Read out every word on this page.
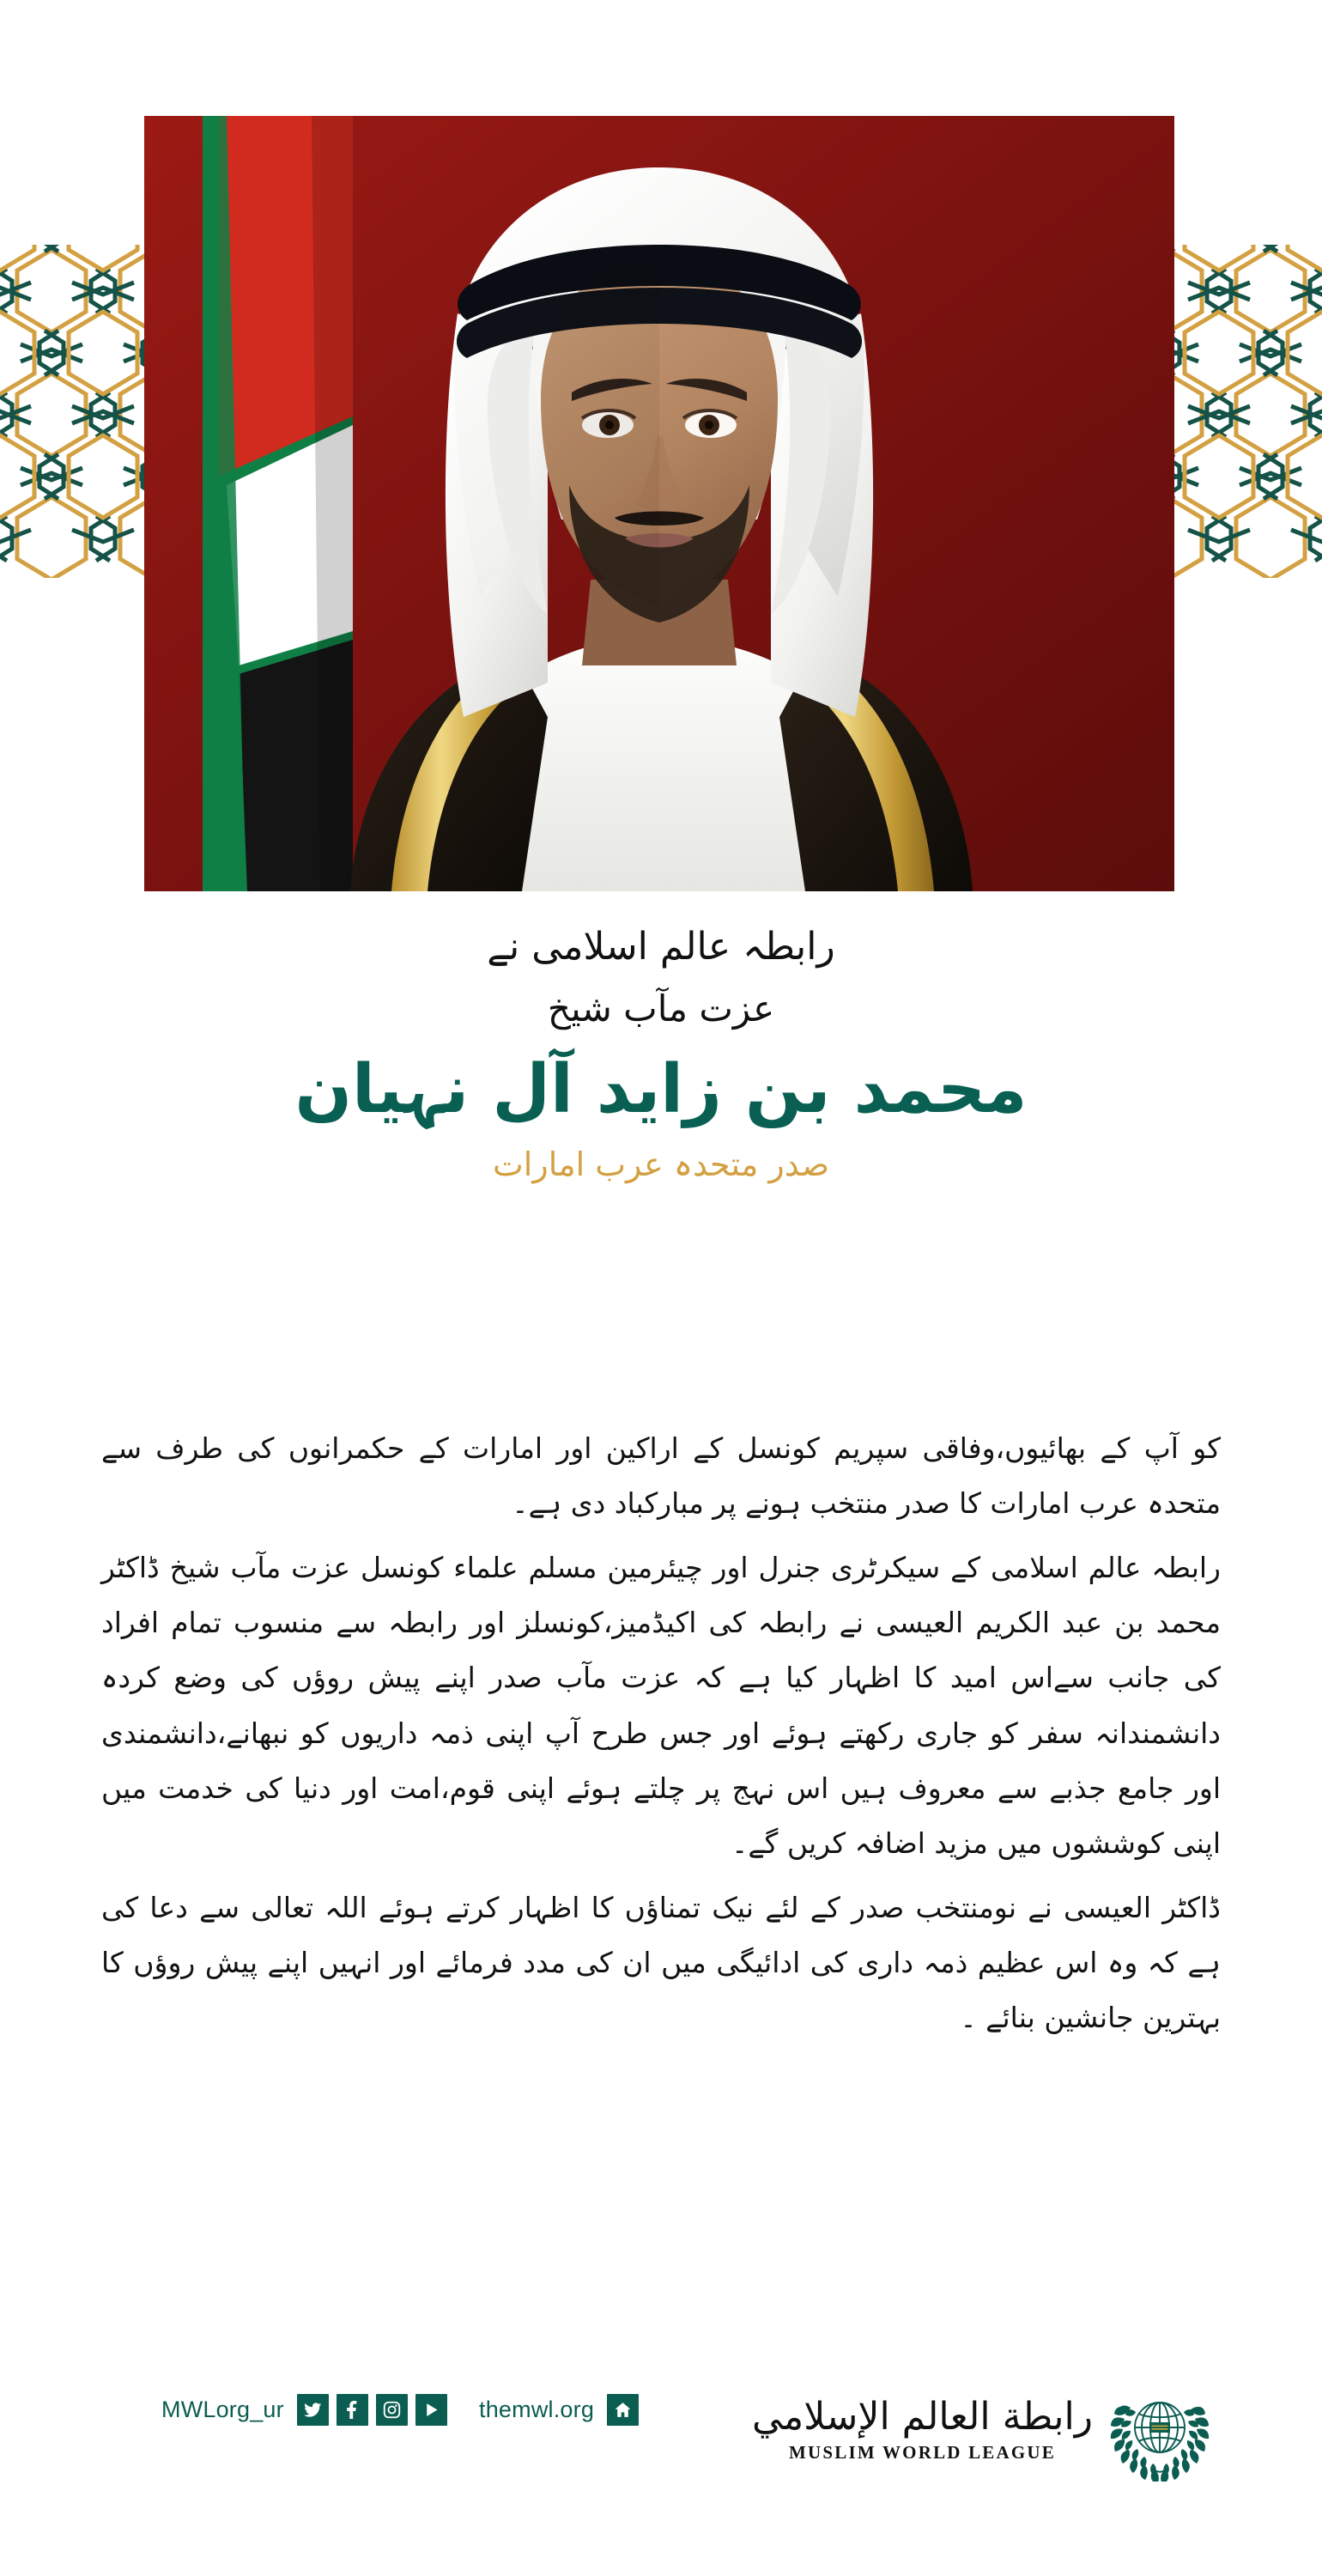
رابطہ عالم اسلامی نے
عزت مآب شیخ
محمد بن زاید آل نہیان
صدر متحدہ عرب امارات

کو آپ کے بھائیوں،وفاقی سپریم کونسل کے اراکین اور امارات کے حکمرانوں کی طرف سے متحدہ عرب امارات کا صدر منتخب ہونے پر مبارکباد دی ہے۔

رابطہ عالم اسلامی کے سیکرٹری جنرل اور چیئرمین مسلم علماء کونسل عزت مآب شیخ ڈاکٹر محمد بن عبد الکریم العیسی نے رابطہ کی اکیڈمیز،کونسلز اور رابطہ سے منسوب تمام افراد کی جانب سے‌اس امید کا اظہار کیا ہے کہ عزت مآب صدر اپنے پیش روؤں کی وضع کردہ دانشمندانہ سفر کو جاری رکھتے ہوئے اور جس طرح آپ اپنی ذمہ داریوں کو نبھانے،دانشمندی اور جامع جذبے سے معروف ہیں اس نہج پر چلتے ہوئے اپنی قوم،امت اور دنیا کی خدمت میں اپنی کوششوں میں مزید اضافہ کریں گے۔

ڈاکٹر العیسی نے نومنتخب صدر کے لئے نیک تمناؤں کا اظہار کرتے ہوئے اللہ تعالی سے دعا کی ہے کہ وہ اس عظیم ذمہ داری کی ادائیگی میں ان کی مدد فرمائے اور انہیں اپنے پیش روؤں کا بہترین جانشین بنائے ۔

MWLorg_ur	themwl.org	رابطة العالم الإسلامي
MUSLIM WORLD LEAGUE
